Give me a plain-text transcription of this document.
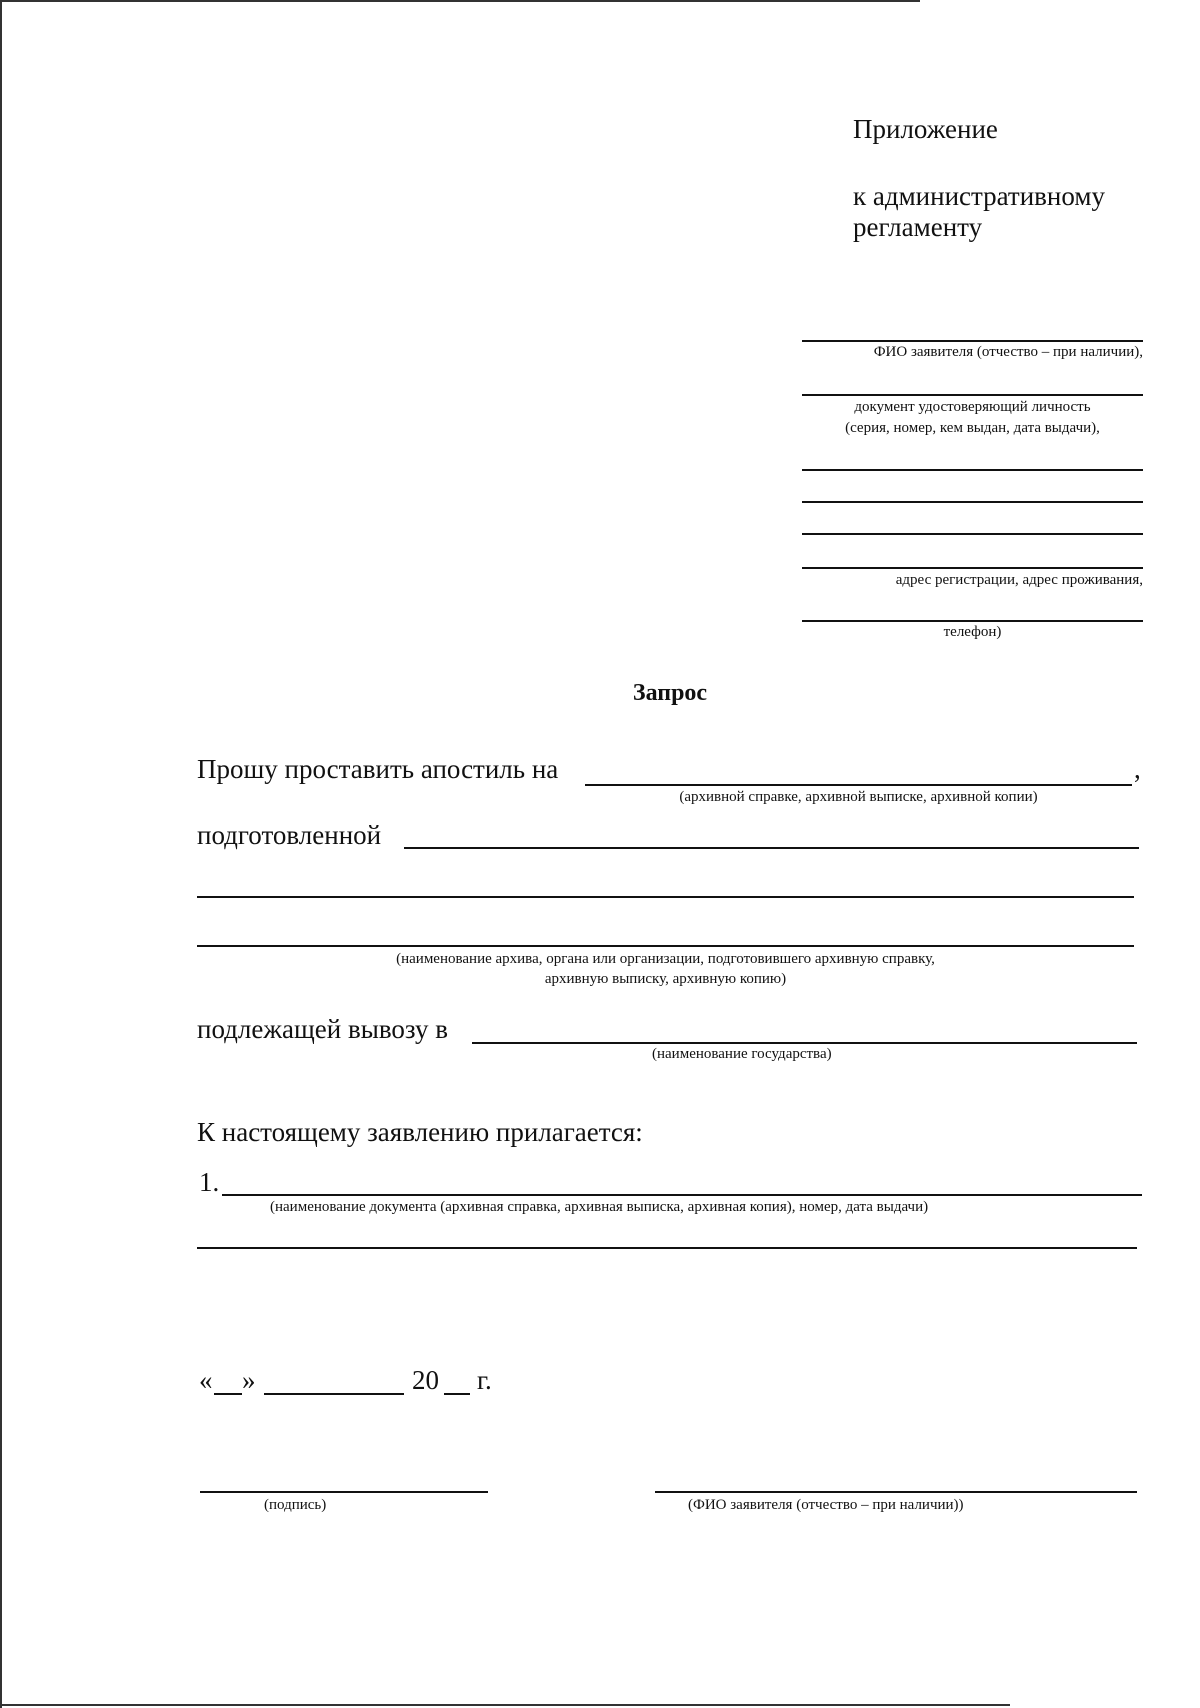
Приложение
к административному
регламенту
ФИО заявителя (отчество – при наличии),
документ удостоверяющий личность
(серия, номер, кем выдан, дата выдачи),
адрес регистрации, адрес проживания,
телефон)
Запрос
Прошу проставить апостиль на	,
(архивной справке, архивной выписке, архивной копии)
подготовленной
(наименование архива, органа или организации, подготовившего архивную справку,
архивную выписку, архивную копию)
подлежащей вывозу в
(наименование государства)
К настоящему заявлению прилагается:
1.
(наименование документа (архивная справка, архивная выписка, архивная копия), номер, дата выдачи)
« »	20 г.
(подпись)	(ФИО заявителя (отчество – при наличии))
